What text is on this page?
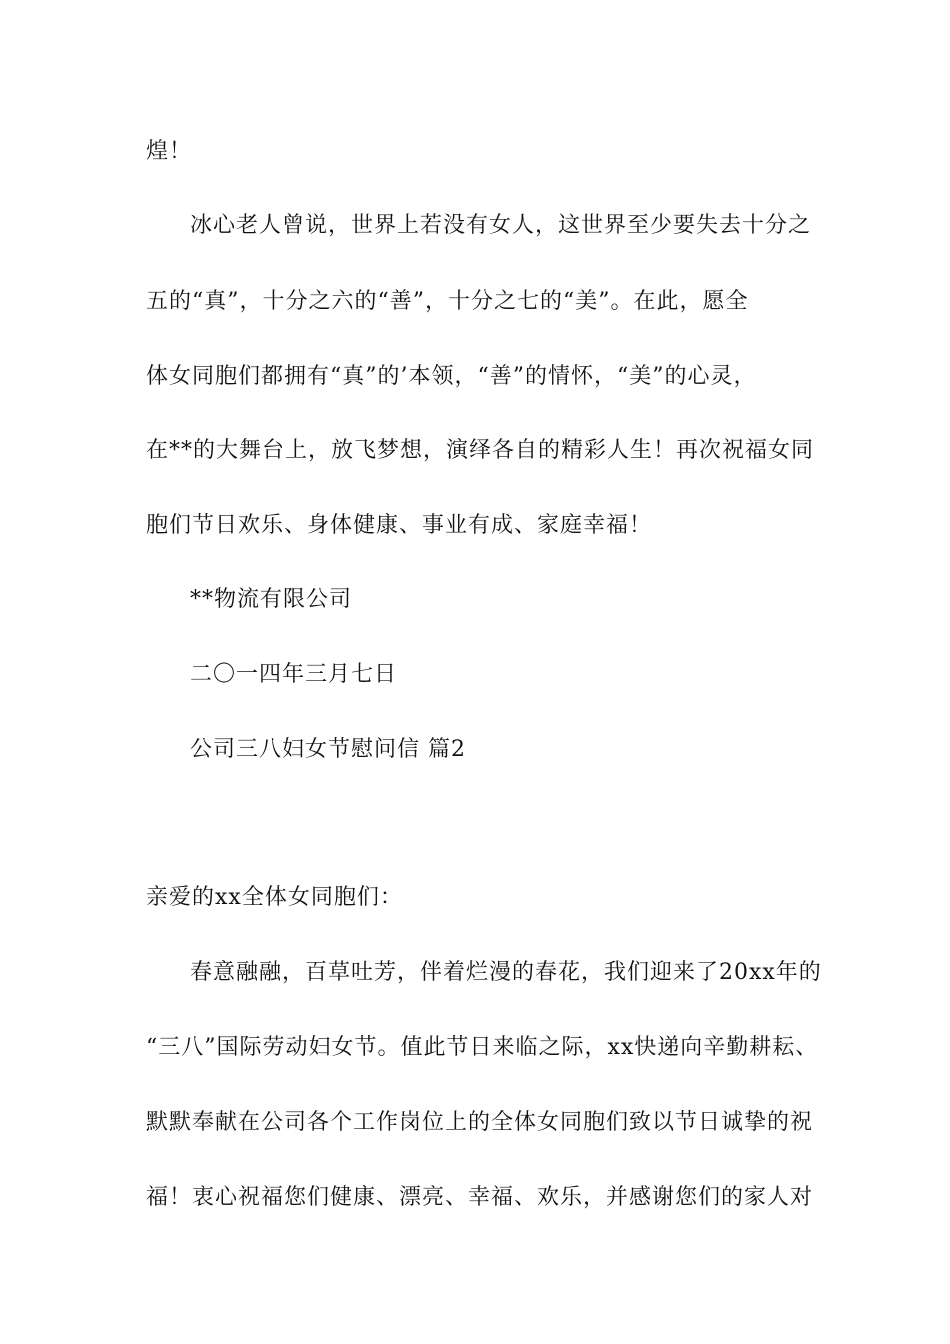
煌！
冰心老人曾说，世界上若没有女人，这世界至少要失去十分之
五的“真”，十分之六的“善”，十分之七的“美”。在此，愿全
体女同胞们都拥有“真”的’本领，“善”的情怀，“美”的心灵，
在**的大舞台上，放飞梦想，演绎各自的精彩人生！再次祝福女同
胞们节日欢乐、身体健康、事业有成、家庭幸福！
**物流有限公司
二〇一四年三月七日
公司三八妇女节慰问信 篇2
亲爱的xx全体女同胞们：
春意融融，百草吐芳，伴着烂漫的春花，我们迎来了20xx年的
“三八”国际劳动妇女节。值此节日来临之际，xx快递向辛勤耕耘、
默默奉献在公司各个工作岗位上的全体女同胞们致以节日诚挚的祝
福！衷心祝福您们健康、漂亮、幸福、欢乐，并感谢您们的家人对
